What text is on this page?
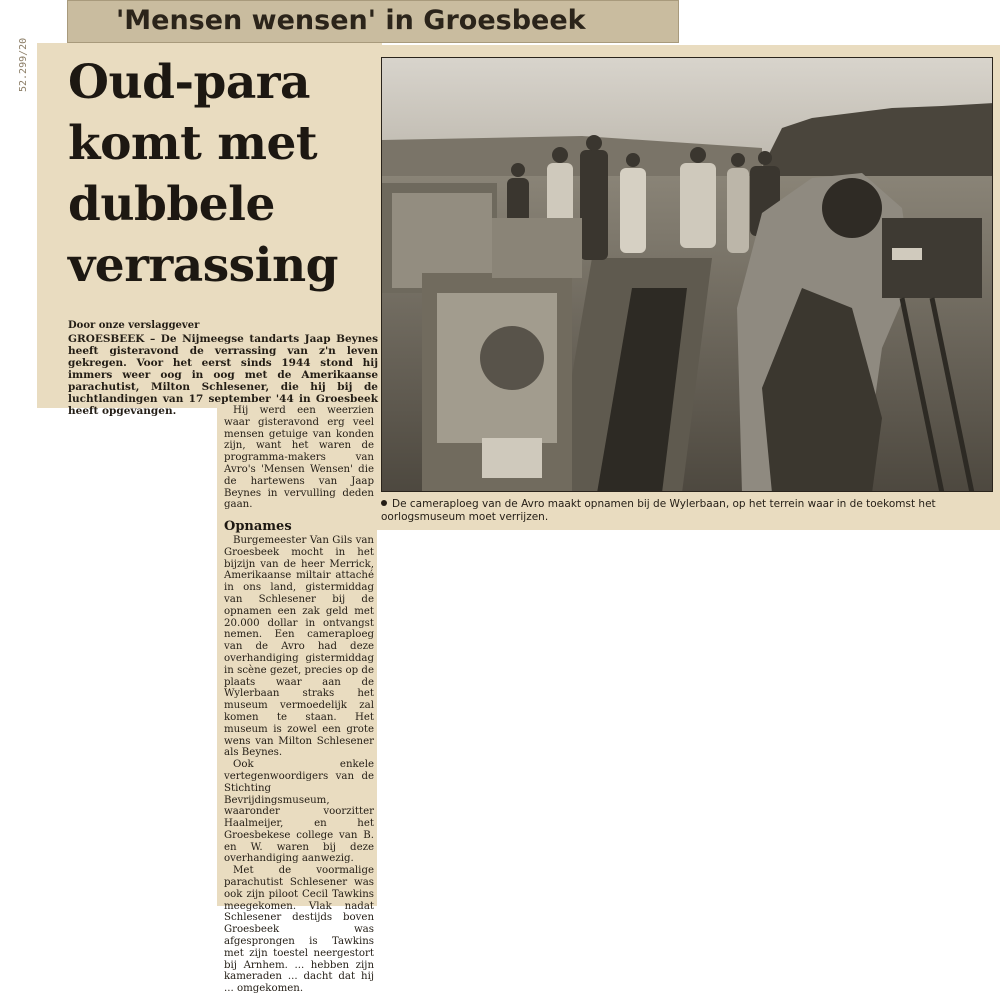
'Mensen wensen' in Groesbeek
52.299/20 Oud-para
komt met
dubbele
verrassing
Door onze verslaggever

GROESBEEK – De Nijmeegse tandarts Jaap Beynes heeft gisteravond de verrassing van z'n leven gekregen. Voor het eerst sinds 1944 stond hij immers weer oog in oog met de Amerikaanse parachutist, Milton Schlesener, die hij bij de luchtlandingen van 17 september '44 in Groesbeek heeft opgevangen.

De cameraploeg van de Avro maakt opnamen bij de Wylerbaan, op het terrein waar in de toekomst het oorlogsmuseum moet verrijzen.

Hij werd een weerzien waar gisteravond erg veel mensen getuige van konden zijn, want het waren de programma-makers van Avro's 'Mensen Wensen' die de hartewens van Jaap Beynes in vervulling deden gaan.

Opnames

Burgemeester Van Gils van Groesbeek mocht in het bijzijn van de heer Merrick, Amerikaanse miltair attaché in ons land, gistermiddag van Schlesener bij de opnamen een zak geld met 20.000 dollar in ontvangst nemen. Een cameraploeg van de Avro had deze overhandiging gistermiddag in scène gezet, precies op de plaats waar aan de Wylerbaan straks het museum vermoedelijk zal komen te staan. Het museum is zowel een grote wens van Milton Schlesener als Beynes.

Ook enkele vertegenwoordigers van de Stichting Bevrijdingsmuseum, waaronder voorzitter Haalmeijer, en het Groesbekese college van B. en W. waren bij deze overhandiging aanwezig.

Met de voormalige parachutist Schlesener was ook zijn piloot Cecil Tawkins meegekomen. Vlak nadat Schlesener destijds boven Groesbeek was afgesprongen is Tawkins met zijn toestel neergestort bij Arnhem. ... hebben zijn kameraden ... dacht dat hij ... omgekomen.
